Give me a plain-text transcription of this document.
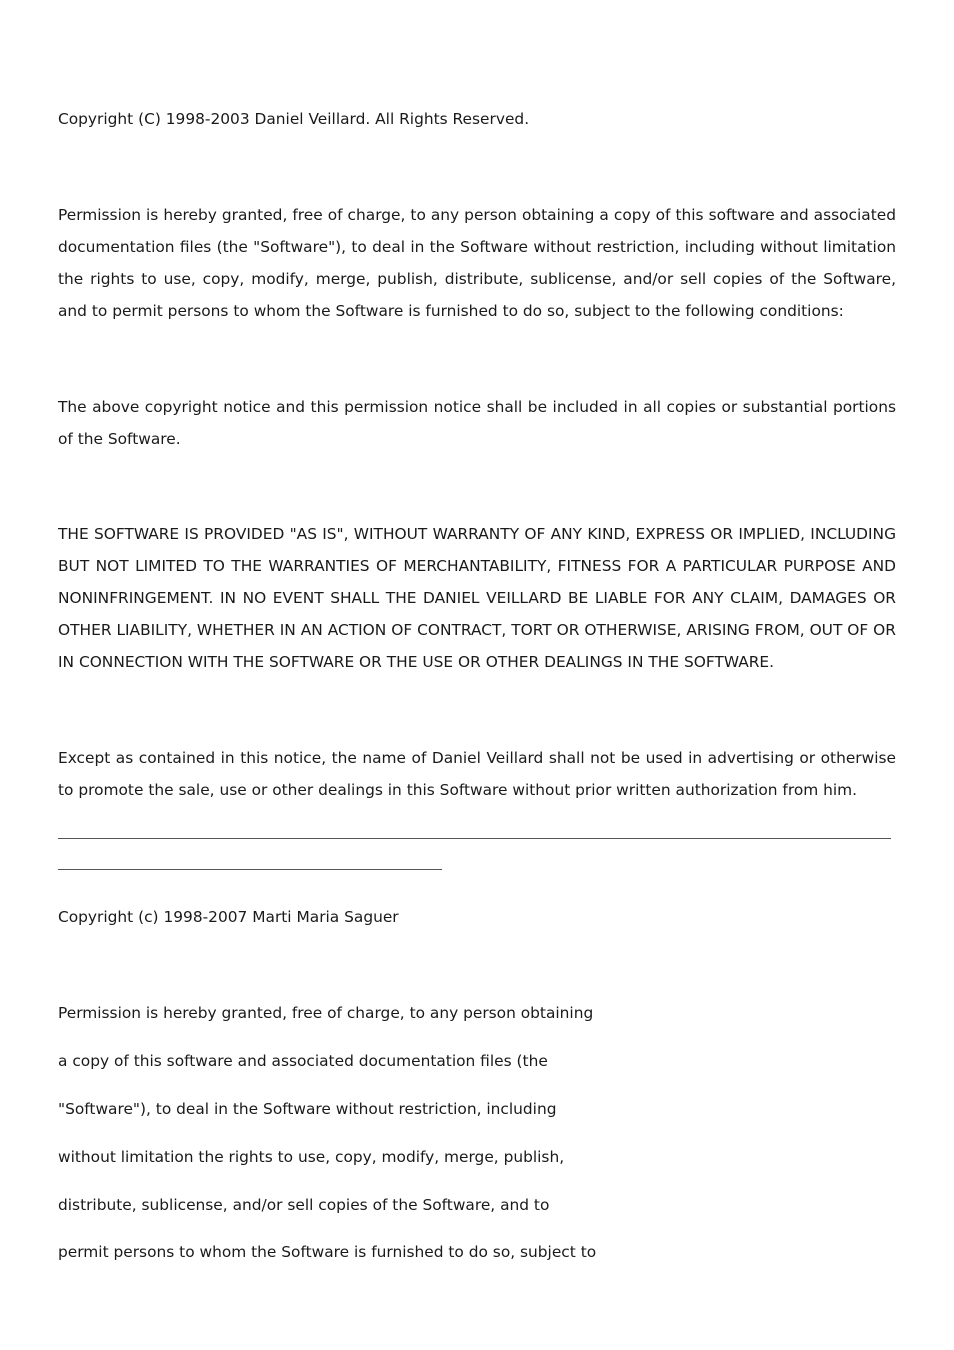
Copyright (C) 1998-2003 Daniel Veillard. All Rights Reserved.

Permission is hereby granted, free of charge, to any person obtaining a copy of this software and associated documentation files (the "Software"), to deal in the Software without restriction, including without limitation the rights to use, copy, modify, merge, publish, distribute, sublicense, and/or sell copies of the Software, and to permit persons to whom the Software is furnished to do so, subject to the following conditions:

The above copyright notice and this permission notice shall be included in all copies or substantial portions of the Software.

THE SOFTWARE IS PROVIDED "AS IS", WITHOUT WARRANTY OF ANY KIND, EXPRESS OR IMPLIED, INCLUDING BUT NOT LIMITED TO THE WARRANTIES OF MERCHANTABILITY, FITNESS FOR A PARTICULAR PURPOSE AND NONINFRINGEMENT. IN NO EVENT SHALL THE DANIEL VEILLARD BE LIABLE FOR ANY CLAIM, DAMAGES OR OTHER LIABILITY, WHETHER IN AN ACTION OF CONTRACT, TORT OR OTHERWISE, ARISING FROM, OUT OF OR IN CONNECTION WITH THE SOFTWARE OR THE USE OR OTHER DEALINGS IN THE SOFTWARE.

Except as contained in this notice, the name of Daniel Veillard shall not be used in advertising or otherwise to promote the sale, use or other dealings in this Software without prior written authorization from him.

Copyright (c) 1998-2007 Marti Maria Saguer

Permission is hereby granted, free of charge, to any person obtaining

a copy of this software and associated documentation files (the

"Software"), to deal in the Software without restriction, including

without limitation the rights to use, copy, modify, merge, publish,

distribute, sublicense, and/or sell copies of the Software, and to

permit persons to whom the Software is furnished to do so, subject to
